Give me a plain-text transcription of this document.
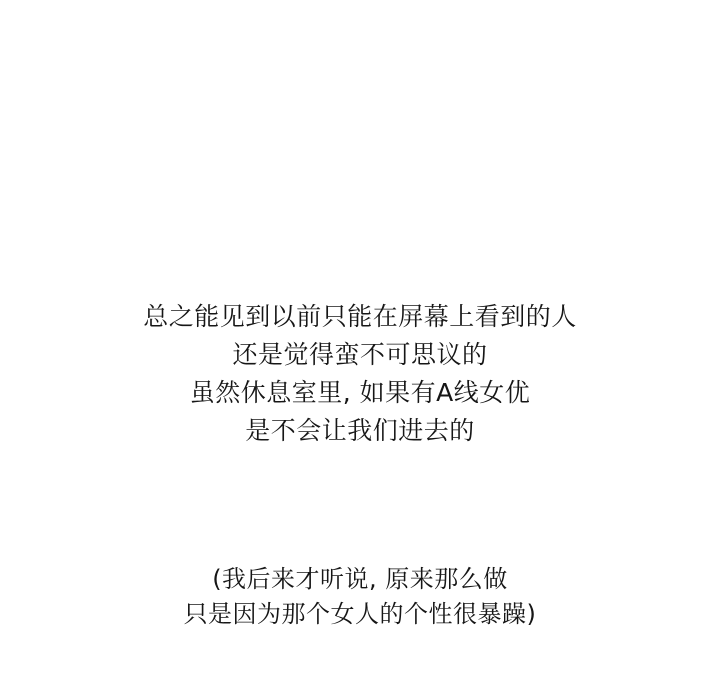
总之能见到以前只能在屏幕上看到的人
还是觉得蛮不可思议的
虽然休息室里, 如果有A线女优
是不会让我们进去的
(我后来才听说, 原来那么做
只是因为那个女人的个性很暴躁)
